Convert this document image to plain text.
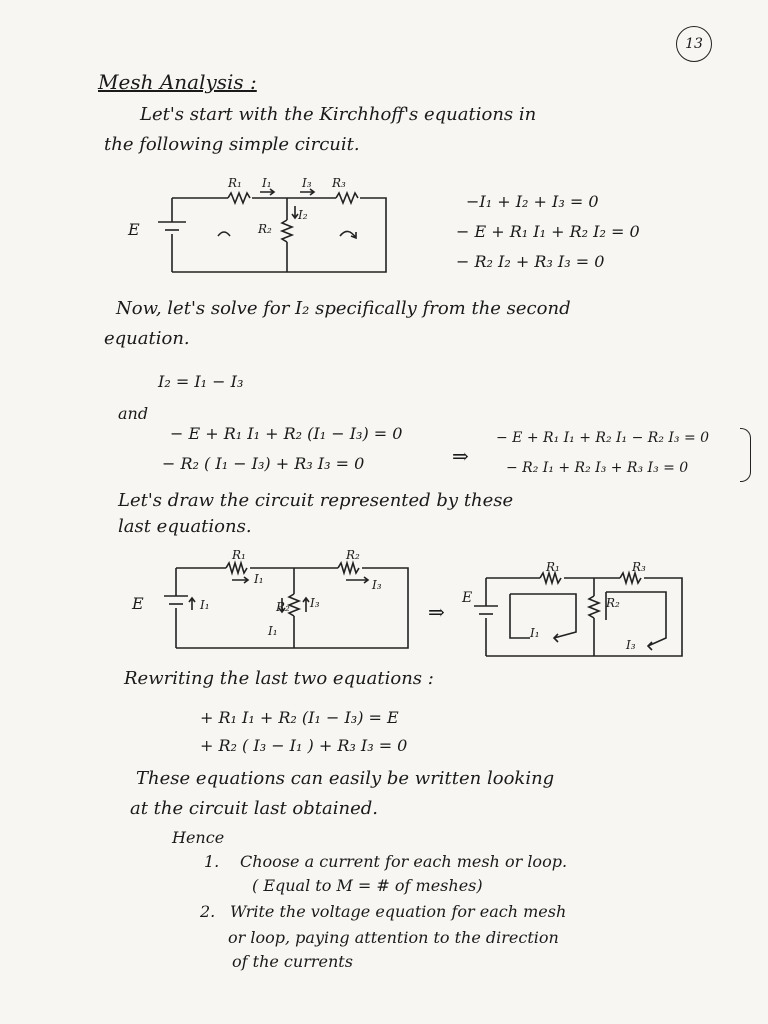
13
Mesh Analysis :
Let's start with the Kirchhoff's equations in
the following simple circuit.
E
R₁ I₁	I₃ R₃
R₂
I₂
−I₁ + I₂ + I₃ = 0
− E + R₁ I₁ + R₂ I₂ = 0
− R₂ I₂ + R₃ I₃ = 0
Now, let's solve for I₂ specifically from the second
equation.
I₂ = I₁ − I₃
and
− E + R₁ I₁ + R₂ (I₁ − I₃) = 0
− R₂ ( I₁ − I₃) + R₃ I₃ = 0	⇒
− E + R₁ I₁ + R₂ I₁ − R₂ I₃ = 0
− R₂ I₁ + R₂ I₃ + R₃ I₃ = 0
Let's draw the circuit represented by these
last equations.
E
R₁	R₂
I₁	I₃
I₁	R₂ I₃
I₁
⇒
E
R₁	R₃
R₂
I₁
I₃
Rewriting the last two equations :
+ R₁ I₁ + R₂ (I₁ − I₃) = E
+ R₂ ( I₃ − I₁ ) + R₃ I₃ = 0
These equations can easily be written looking
at the circuit last obtained.
Hence
1. Choose a current for each mesh or loop.
( Equal to M = # of meshes)
2. Write the voltage equation for each mesh
or loop, paying attention to the direction
of the currents
